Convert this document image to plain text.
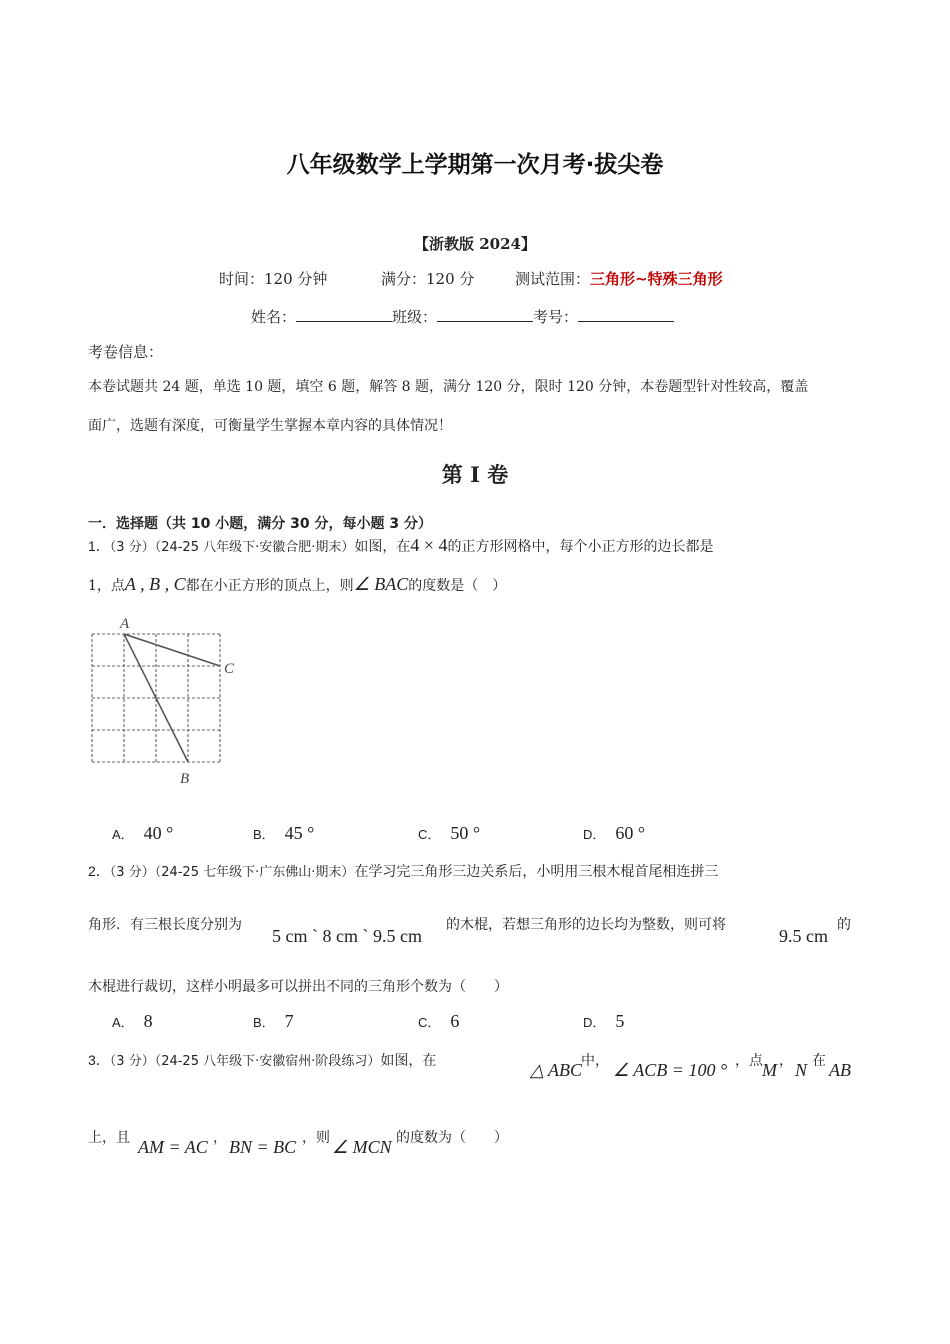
八年级数学上学期第一次月考·拔尖卷
【浙教版 2024】
时间：120 分钟	满分：120 分	测试范围：三角形~特殊三角形
姓名：	班级：	考号：
考卷信息：
本卷试题共 24 题，单选 10 题，填空 6 题，解答 8 题，满分 120 分，限时 120 分钟，本卷题型针对性较高，覆盖
面广，选题有深度，可衡量学生掌握本章内容的具体情况！
第 I 卷
一．选择题（共 10 小题，满分 30 分，每小题 3 分）
1．（3 分）（24-25 八年级下·安徽合肥·期末）如图，在4 × 4的正方形网格中，每个小正方形的边长都是
1，点A , B , C都在小正方形的顶点上，则∠ BAC的度数是（　）
A
C
B
A． 40 °	B． 45 °	C． 50 °	D． 60 °
2．（3 分）（24-25 七年级下·广东佛山·期末）在学习完三角形三边关系后，小明用三根木棍首尾相连拼三
角形．有三根长度分别为
5 cm ` 8 cm ` 9.5 cm
的木棍，若想三角形的边长均为整数，则可将
9.5 cm
的
木棍进行裁切，这样小明最多可以拼出不同的三角形个数为（　　）
A． 8	B． 7	C． 6	D． 5
3．（3 分）（24-25 八年级下·安徽宿州·阶段练习）如图，在	△ ABC
中， ∠ ACB = 100 ° ，点 M ， N 在 AB
上，且 AM = AC ， BN = BC ，则 ∠ MCN 的度数为（　　）
